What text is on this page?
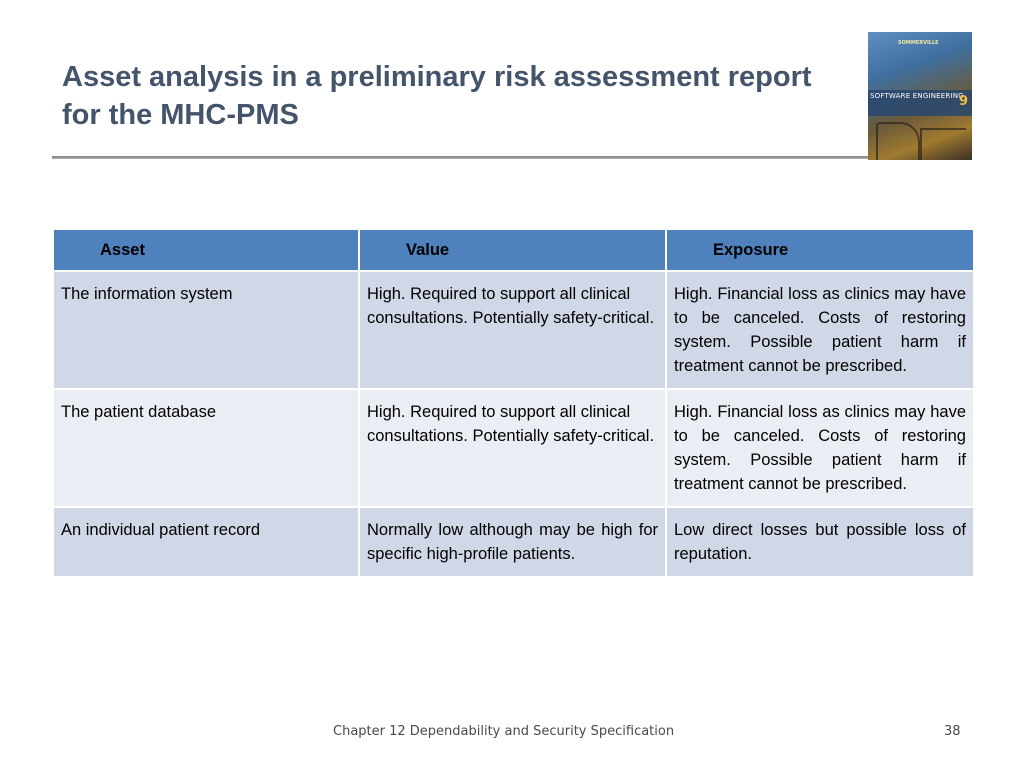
Asset analysis in a preliminary risk assessment report for the MHC-PMS
SOMMERVILLE
SOFTWARE ENGINEERING
9
Asset	Value	Exposure
The information system	High. Required to support all clinical consultations. Potentially safety-critical.	High. Financial loss as clinics may have to be canceled. Costs of restoring system. Possible patient harm if treatment cannot be prescribed.
The patient database	High. Required to support all clinical consultations. Potentially safety-critical.	High. Financial loss as clinics may have to be canceled. Costs of restoring system. Possible patient harm if treatment cannot be prescribed.
An individual patient record	Normally low although may be high for specific high-profile patients.	Low direct losses but possible loss of reputation.
Chapter 12 Dependability and Security Specification	38
